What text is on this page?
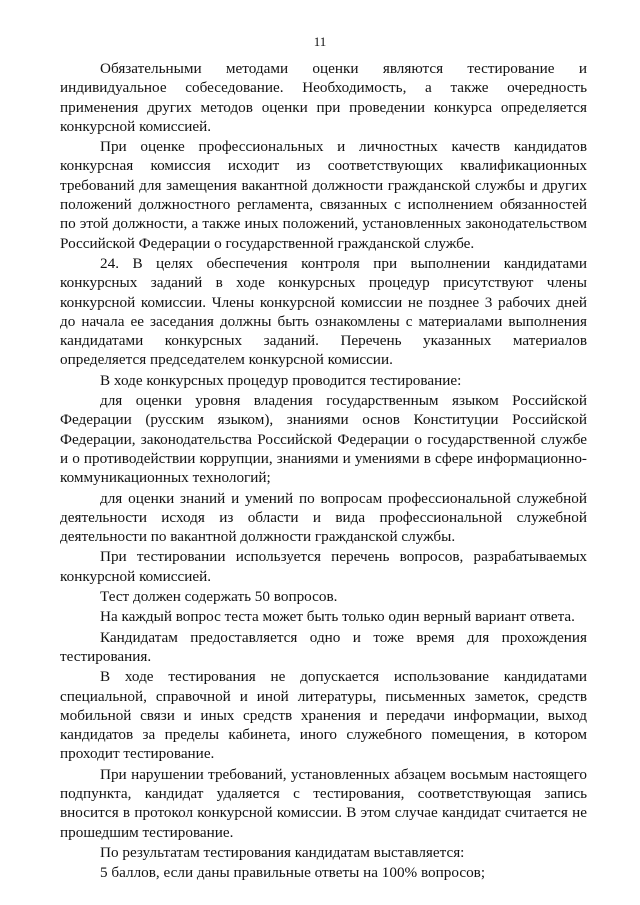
11

Обязательными методами оценки являются тестирование и индивидуальное собеседование. Необходимость, а также очередность применения других методов оценки при проведении конкурса определяется конкурсной комиссией.

При оценке профессиональных и личностных качеств кандидатов конкурсная комиссия исходит из соответствующих квалификационных требований для замещения вакантной должности гражданской службы и других положений должностного регламента, связанных с исполнением обязанностей по этой должности, а также иных положений, установленных законодательством Российской Федерации о государственной гражданской службе.

24. В целях обеспечения контроля при выполнении кандидатами конкурсных заданий в ходе конкурсных процедур присутствуют члены конкурсной комиссии. Члены конкурсной комиссии не позднее 3 рабочих дней до начала ее заседания должны быть ознакомлены с материалами выполнения кандидатами конкурсных заданий. Перечень указанных материалов определяется председателем конкурсной комиссии.

В ходе конкурсных процедур проводится тестирование:

для оценки уровня владения государственным языком Российской Федерации (русским языком), знаниями основ Конституции Российской Федерации, законодательства Российской Федерации о государственной службе и о противодействии коррупции, знаниями и умениями в сфере информационно-коммуникационных технологий;

для оценки знаний и умений по вопросам профессиональной служебной деятельности исходя из области и вида профессиональной служебной деятельности по вакантной должности гражданской службы.

При тестировании используется перечень вопросов, разрабатываемых конкурсной комиссией.

Тест должен содержать 50 вопросов.

На каждый вопрос теста может быть только один верный вариант ответа.

Кандидатам предоставляется одно и тоже время для прохождения тестирования.

В ходе тестирования не допускается использование кандидатами специальной, справочной и иной литературы, письменных заметок, средств мобильной связи и иных средств хранения и передачи информации, выход кандидатов за пределы кабинета, иного служебного помещения, в котором проходит тестирование.

При нарушении требований, установленных абзацем восьмым настоящего подпункта, кандидат удаляется с тестирования, соответствующая запись вносится в протокол конкурсной комиссии. В этом случае кандидат считается не прошедшим тестирование.

По результатам тестирования кандидатам выставляется:

5 баллов, если даны правильные ответы на 100% вопросов;
